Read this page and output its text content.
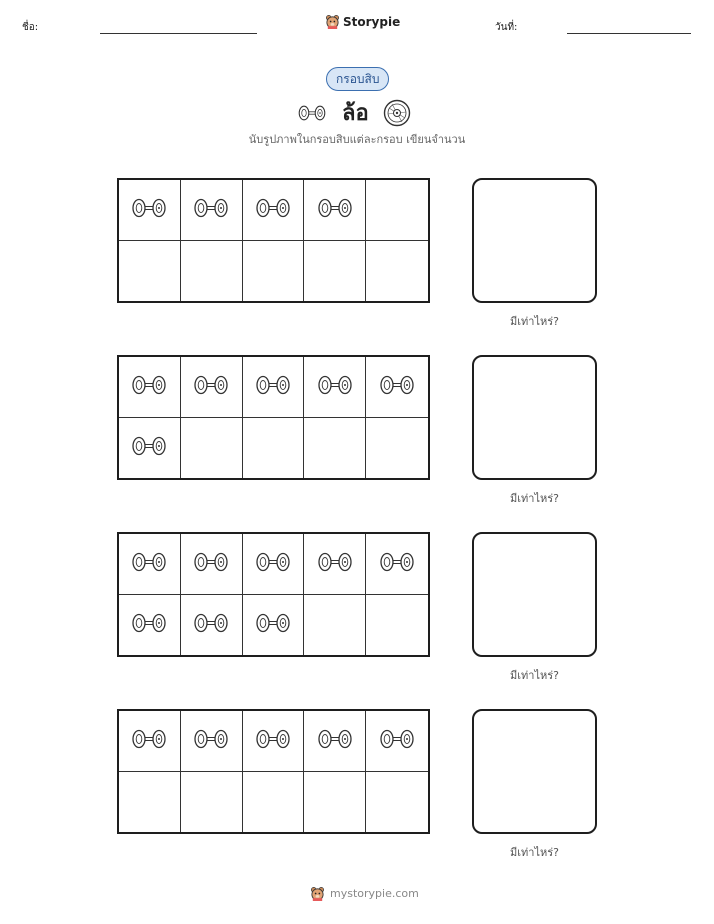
ชื่อ:	Storypie	วันที่:
กรอบสิบ
ล้อ
นับรูปภาพในกรอบสิบแต่ละกรอบ เขียนจำนวน
มีเท่าไหร่?
มีเท่าไหร่?
มีเท่าไหร่?
มีเท่าไหร่?
mystorypie.com
